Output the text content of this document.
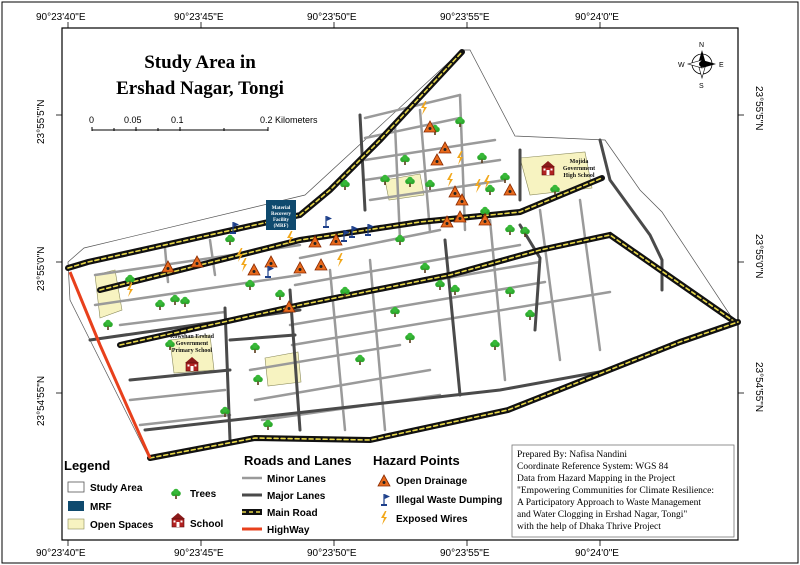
90°23'40"E	90°23'45"E	90°23'50"E	90°23'55"E	90°24'0"E
90°23'40"E	90°23'45"E	90°23'50"E	90°23'55"E	90°24'0"E
23°55'5"N
23°55'0"N
23°54'55"N
23°55'5"N
23°55'0"N
23°54'55"N
Material
Recovery
Facility
(MRF)
Mojida
Government
High School
Rowshan Ershad
Government
Primary School
Study Area in
Ershad Nagar, Tongi
0	0.05	0.1	0.2 Kilometers
N
S
E
W
Legend
Study Area
MRF
Open Spaces
Trees
School
Roads and Lanes
Minor Lanes
Major Lanes
Main Road
HighWay
Hazard Points
Open Drainage
Illegal Waste Dumping
Exposed Wires
Prepared By: Nafisa Nandini
Coordinate Reference System: WGS 84
Data from Hazard Mapping in the Project
"Empowering Communities for Climate Resilience:
A Participatory Approach to Waste Management
and Water Clogging in Ershad Nagar, Tongi"
with the help of Dhaka Thrive Project
